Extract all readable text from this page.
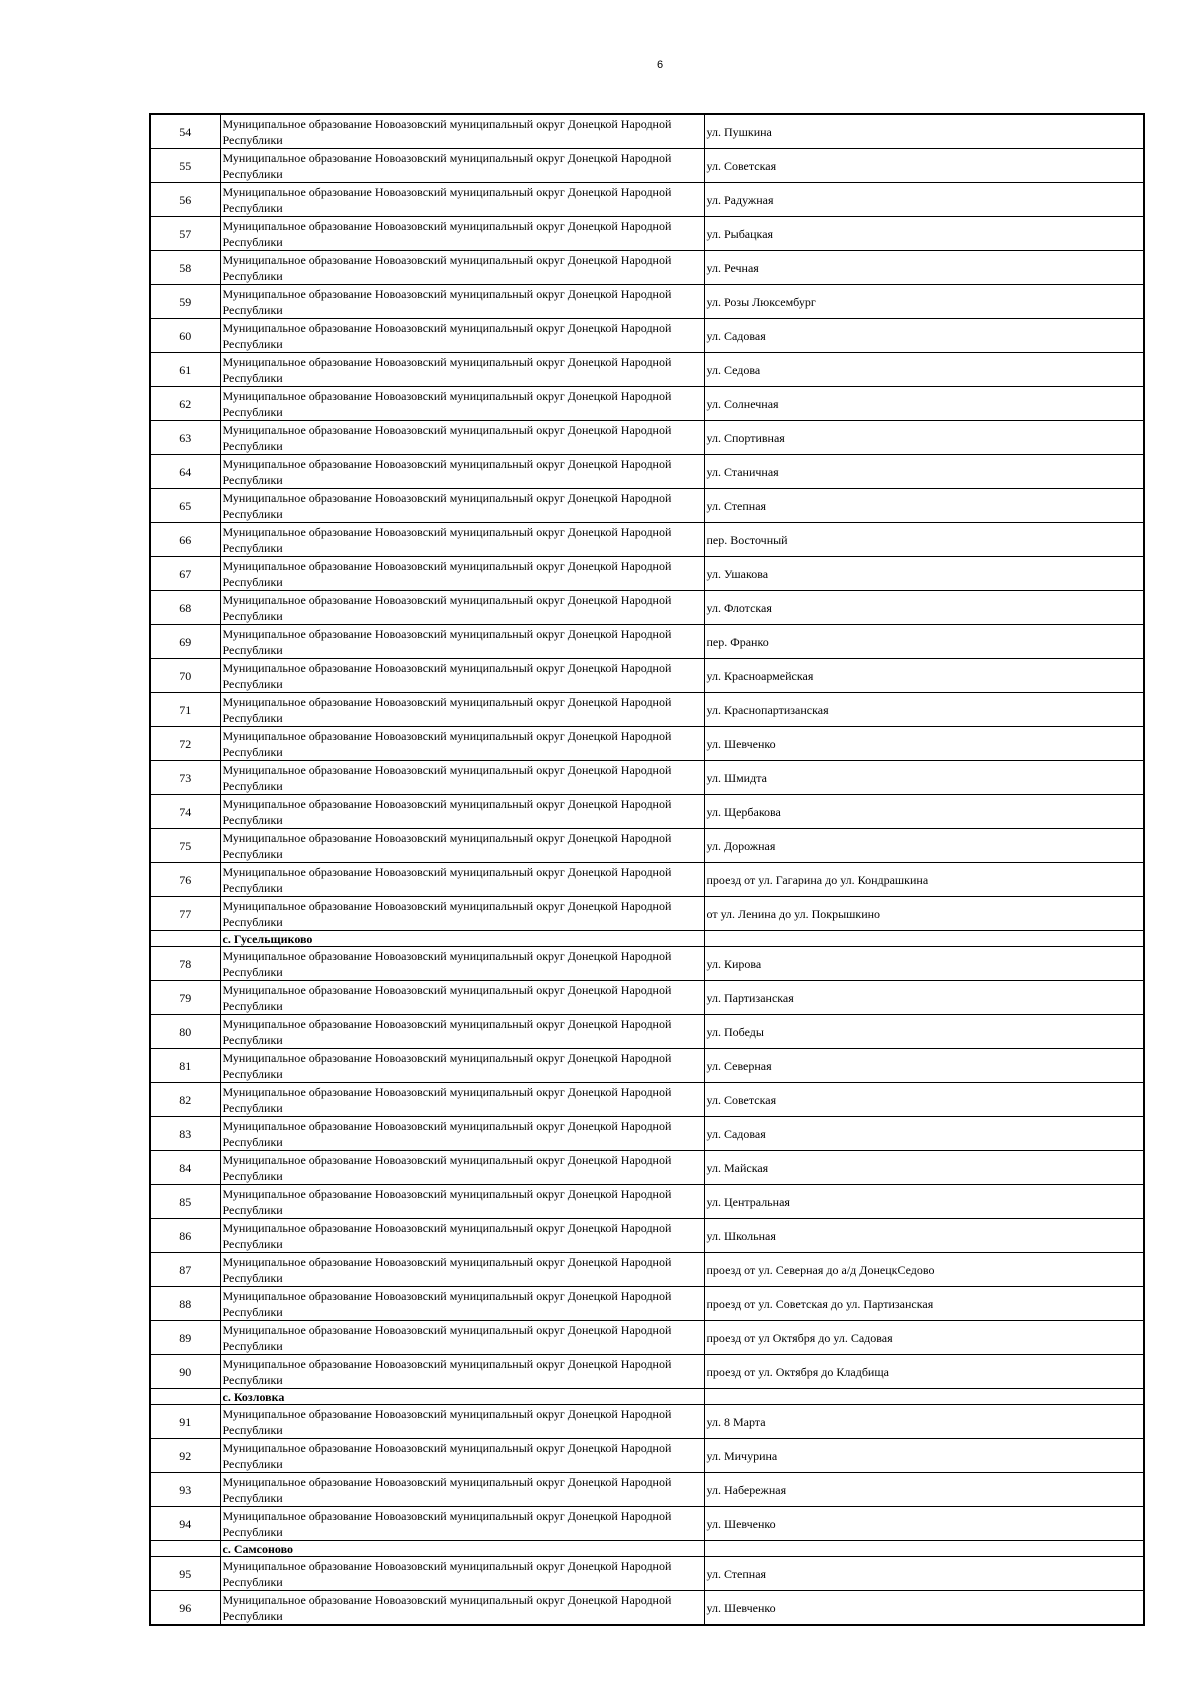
6
54	Муниципальное образование Новоазовский муниципальный округ Донецкой Народной Республики	ул. Пушкина
55	Муниципальное образование Новоазовский муниципальный округ Донецкой Народной Республики	ул. Советская
56	Муниципальное образование Новоазовский муниципальный округ Донецкой Народной Республики	ул. Радужная
57	Муниципальное образование Новоазовский муниципальный округ Донецкой Народной Республики	ул. Рыбацкая
58	Муниципальное образование Новоазовский муниципальный округ Донецкой Народной Республики	ул. Речная
59	Муниципальное образование Новоазовский муниципальный округ Донецкой Народной Республики	ул. Розы Люксембург
60	Муниципальное образование Новоазовский муниципальный округ Донецкой Народной Республики	ул. Садовая
61	Муниципальное образование Новоазовский муниципальный округ Донецкой Народной Республики	ул. Седова
62	Муниципальное образование Новоазовский муниципальный округ Донецкой Народной Республики	ул. Солнечная
63	Муниципальное образование Новоазовский муниципальный округ Донецкой Народной Республики	ул. Спортивная
64	Муниципальное образование Новоазовский муниципальный округ Донецкой Народной Республики	ул. Станичная
65	Муниципальное образование Новоазовский муниципальный округ Донецкой Народной Республики	ул. Степная
66	Муниципальное образование Новоазовский муниципальный округ Донецкой Народной Республики	пер. Восточный
67	Муниципальное образование Новоазовский муниципальный округ Донецкой Народной Республики	ул. Ушакова
68	Муниципальное образование Новоазовский муниципальный округ Донецкой Народной Республики	ул. Флотская
69	Муниципальное образование Новоазовский муниципальный округ Донецкой Народной Республики	пер. Франко
70	Муниципальное образование Новоазовский муниципальный округ Донецкой Народной Республики	ул. Красноармейская
71	Муниципальное образование Новоазовский муниципальный округ Донецкой Народной Республики	ул. Краснопартизанская
72	Муниципальное образование Новоазовский муниципальный округ Донецкой Народной Республики	ул. Шевченко
73	Муниципальное образование Новоазовский муниципальный округ Донецкой Народной Республики	ул. Шмидта
74	Муниципальное образование Новоазовский муниципальный округ Донецкой Народной Республики	ул. Щербакова
75	Муниципальное образование Новоазовский муниципальный округ Донецкой Народной Республики	ул. Дорожная
76	Муниципальное образование Новоазовский муниципальный округ Донецкой Народной Республики	проезд от ул. Гагарина до ул. Кондрашкина
77	Муниципальное образование Новоазовский муниципальный округ Донецкой Народной Республики	от ул. Ленина до ул. Покрышкино
	с. Гусельщиково	
78	Муниципальное образование Новоазовский муниципальный округ Донецкой Народной Республики	ул. Кирова
79	Муниципальное образование Новоазовский муниципальный округ Донецкой Народной Республики	ул. Партизанская
80	Муниципальное образование Новоазовский муниципальный округ Донецкой Народной Республики	ул. Победы
81	Муниципальное образование Новоазовский муниципальный округ Донецкой Народной Республики	ул. Северная
82	Муниципальное образование Новоазовский муниципальный округ Донецкой Народной Республики	ул. Советская
83	Муниципальное образование Новоазовский муниципальный округ Донецкой Народной Республики	ул. Садовая
84	Муниципальное образование Новоазовский муниципальный округ Донецкой Народной Республики	ул. Майская
85	Муниципальное образование Новоазовский муниципальный округ Донецкой Народной Республики	ул. Центральная
86	Муниципальное образование Новоазовский муниципальный округ Донецкой Народной Республики	ул. Школьная
87	Муниципальное образование Новоазовский муниципальный округ Донецкой Народной Республики	проезд от ул. Северная до а/д ДонецкСедово
88	Муниципальное образование Новоазовский муниципальный округ Донецкой Народной Республики	проезд от ул. Советская до ул. Партизанская
89	Муниципальное образование Новоазовский муниципальный округ Донецкой Народной Республики	проезд от ул Октября до ул. Садовая
90	Муниципальное образование Новоазовский муниципальный округ Донецкой Народной Республики	проезд от ул. Октября до Кладбища
	с. Козловка	
91	Муниципальное образование Новоазовский муниципальный округ Донецкой Народной Республики	ул. 8 Марта
92	Муниципальное образование Новоазовский муниципальный округ Донецкой Народной Республики	ул. Мичурина
93	Муниципальное образование Новоазовский муниципальный округ Донецкой Народной Республики	ул. Набережная
94	Муниципальное образование Новоазовский муниципальный округ Донецкой Народной Республики	ул. Шевченко
	с. Самсоново	
95	Муниципальное образование Новоазовский муниципальный округ Донецкой Народной Республики	ул. Степная
96	Муниципальное образование Новоазовский муниципальный округ Донецкой Народной Республики	ул. Шевченко
